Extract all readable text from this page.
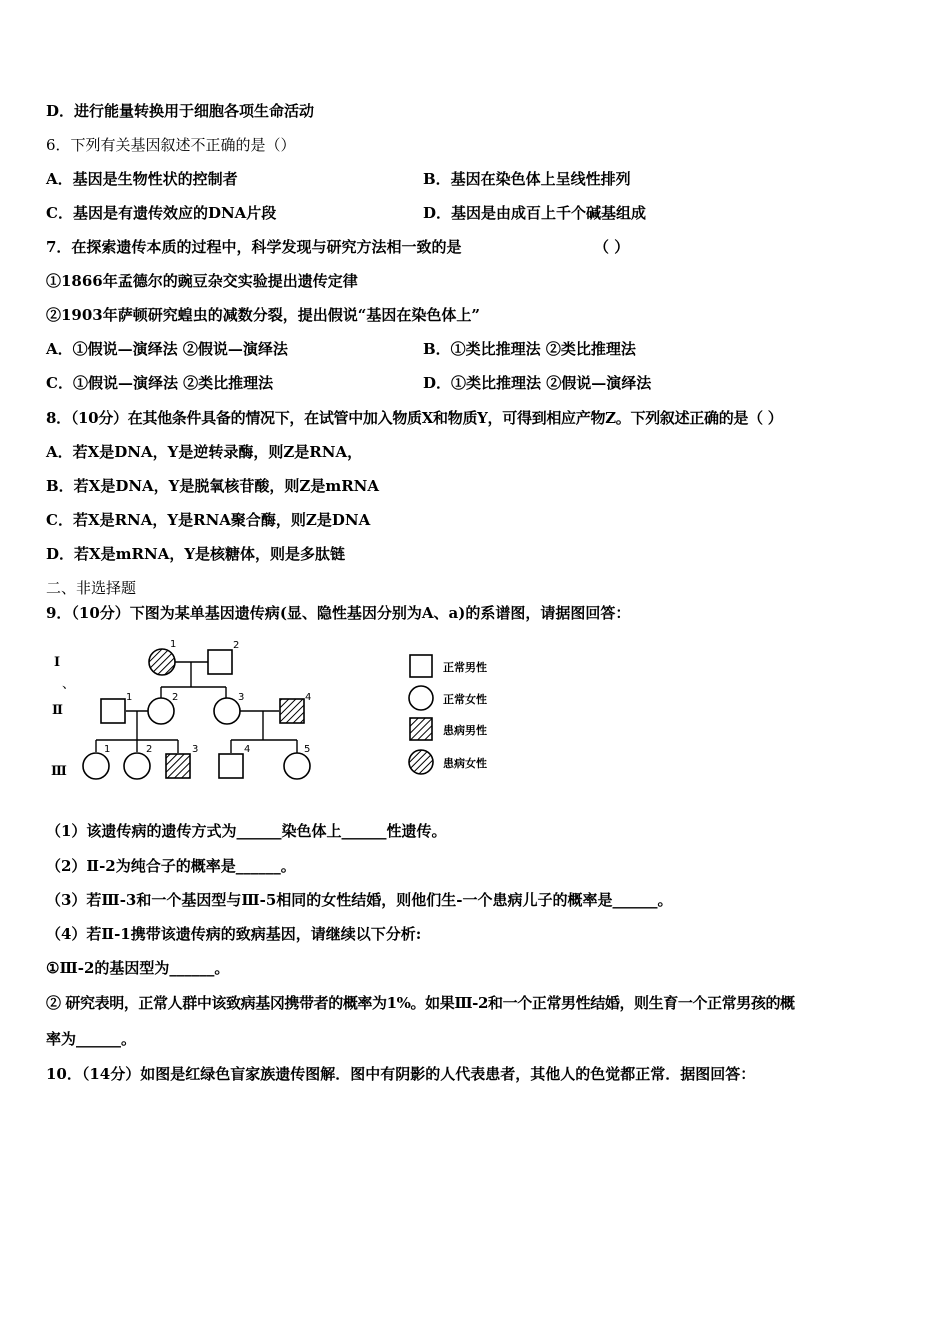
D．进行能量转换用于细胞各项生命活动
6．下列有关基因叙述不正确的是（）
A．基因是生物性状的控制者	B．基因在染色体上呈线性排列
C．基因是有遗传效应的DNA片段	D．基因是由成百上千个碱基组成
7．在探索遗传本质的过程中，科学发现与研究方法相一致的是	（ ）
①1866年孟德尔的豌豆杂交实验提出遗传定律
②1903年萨顿研究蝗虫的减数分裂，提出假说“基因在染色体上”
A．①假说—演绎法 ②假说—演绎法	B．①类比推理法 ②类比推理法
C．①假说—演绎法 ②类比推理法	D．①类比推理法 ②假说—演绎法
8．（10分）在其他条件具备的情况下，在试管中加入物质X和物质Y，可得到相应产物Z。下列叙述正确的是（ ）
A．若X是DNA，Y是逆转录酶，则Z是RNA，
B．若X是DNA，Y是脱氧核苷酸，则Z是mRNA
C．若X是RNA，Y是RNA聚合酶，则Z是DNA
D．若X是mRNA，Y是核糖体，则是多肽链
二、非选择题
9．（10分）下图为某单基因遗传病(显、隐性基因分别为A、a)的系谱图，请据图回答：
Ⅰ
、
Ⅱ
Ⅲ
1	2
1	2	3	4
1	2	3	4	5
正常男性
正常女性
患病男性
患病女性
（1）该遗传病的遗传方式为______染色体上______性遗传。
（2）Ⅱ-2为纯合子的概率是______。
（3）若Ⅲ-3和一个基因型与Ⅲ-5相同的女性结婚，则他们生-一个患病儿子的概率是______。
（4）若Ⅱ-1携带该遗传病的致病基因，请继续以下分析:
①Ⅲ-2的基因型为______。
② 研究表明，正常人群中该致病基冈携带者的概率为1%。如果Ⅲ-2和一个正常男性结婚，则生育一个正常男孩的概
率为______。
10．（14分）如图是红绿色盲家族遗传图解．图中有阴影的人代表患者，其他人的色觉都正常．据图回答：
